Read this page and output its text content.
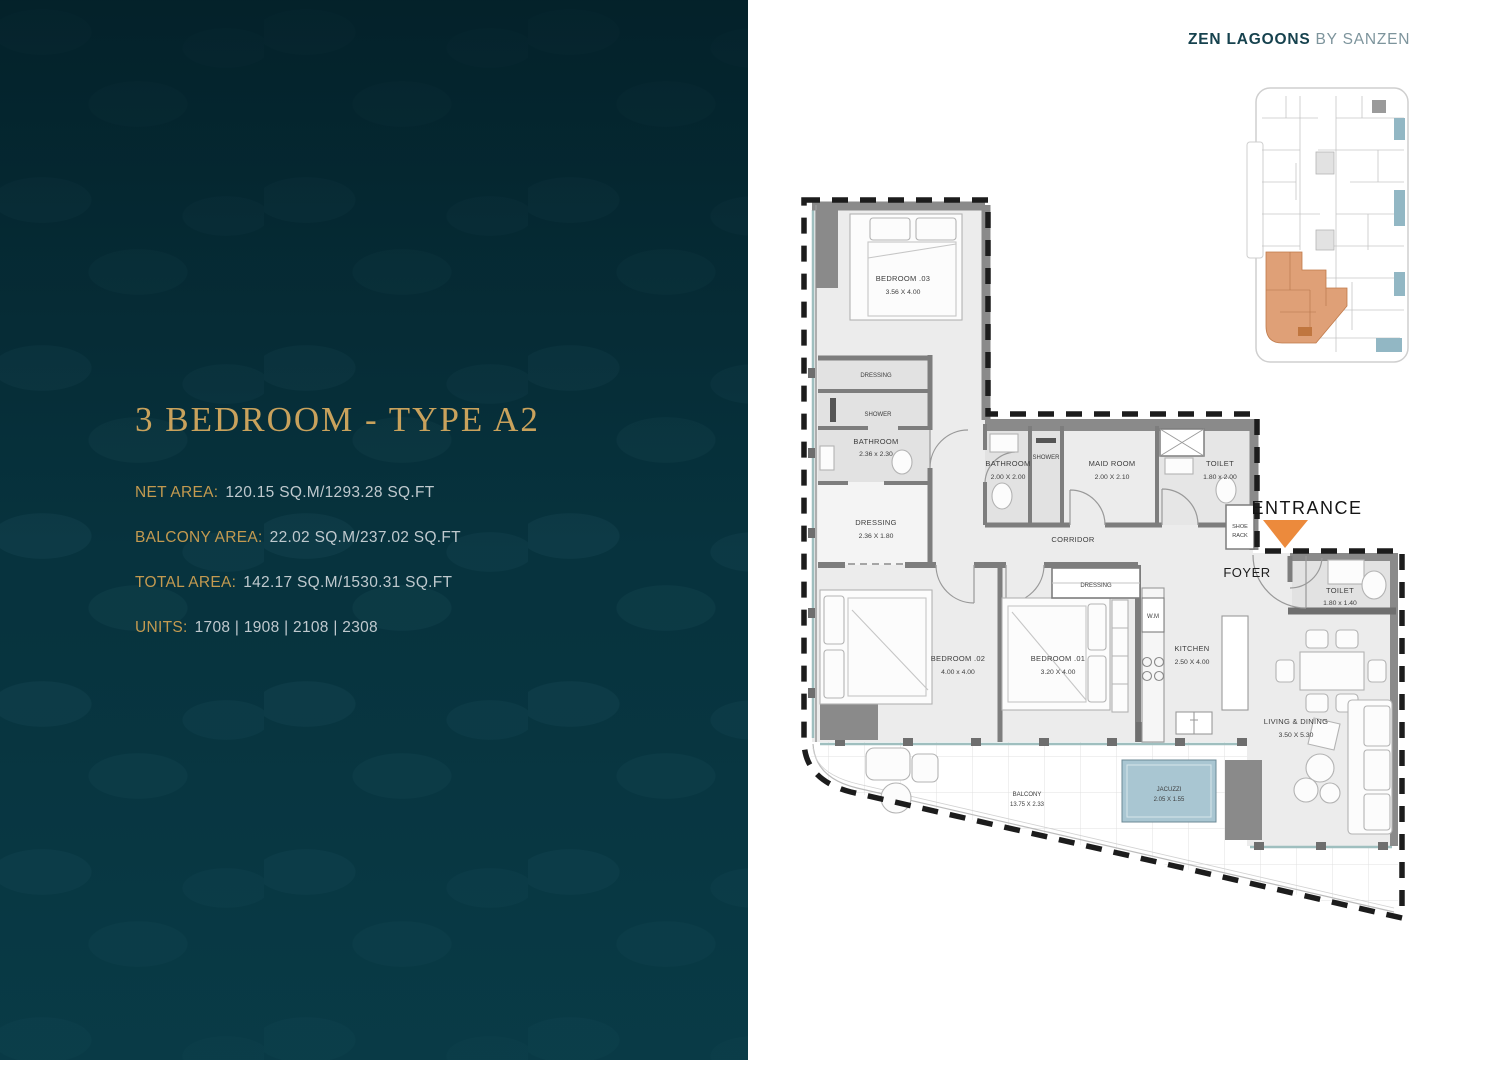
3 BEDROOM - TYPE A2
NET AREA: 120.15 SQ.M/1293.28 SQ.FT
BALCONY AREA: 22.02 SQ.M/237.02 SQ.FT
TOTAL AREA: 142.17 SQ.M/1530.31 SQ.FT
UNITS: 1708 | 1908 | 2108 | 2308
ZEN LAGOONS BY SANZEN
SHOE
RACK
JACUZZI
2.05 X 1.55
ENTRANCE
BEDROOM .03
3.56 X 4.00
DRESSING
SHOWER
BATHROOM
2.36 x 2.30
DRESSING
2.36 X 1.80
BATHROOM
2.00 X 2.00
SHOWER
MAID ROOM
2.00 X 2.10
TOILET
1.80 x 2.00
CORRIDOR
FOYER
TOILET
1.80 x 1.40
BEDROOM .02
4.00 x 4.00
BEDROOM .01
3.20 X 4.00
DRESSING
W.M
KITCHEN
2.50 X 4.00
LIVING & DINING
3.50 X 5.30
BALCONY
13.75 X 2.33
